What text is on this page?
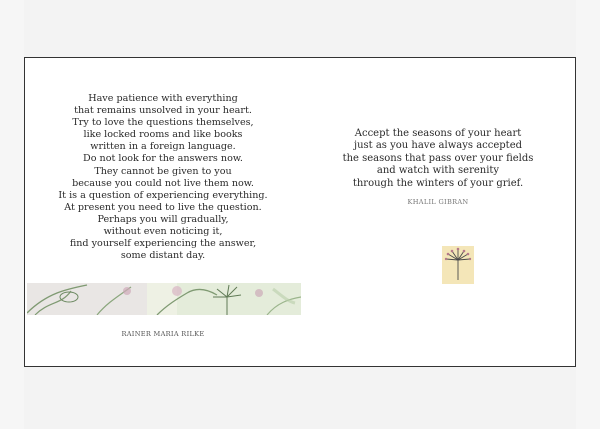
Have patience with everything
that remains unsolved in your heart.
Try to love the questions themselves,
like locked rooms and like books
written in a foreign language.
Do not look for the answers now.
They cannot be given to you
because you could not live them now.
It is a question of experiencing everything.
At present you need to live the question.
Perhaps you will gradually,
without even noticing it,
find yourself experiencing the answer,
some distant day.
RAINER MARIA RILKE
Accept the seasons of your heart
just as you have always accepted
the seasons that pass over your fields
and watch with serenity
through the winters of your grief.
KHALIL GIBRAN
